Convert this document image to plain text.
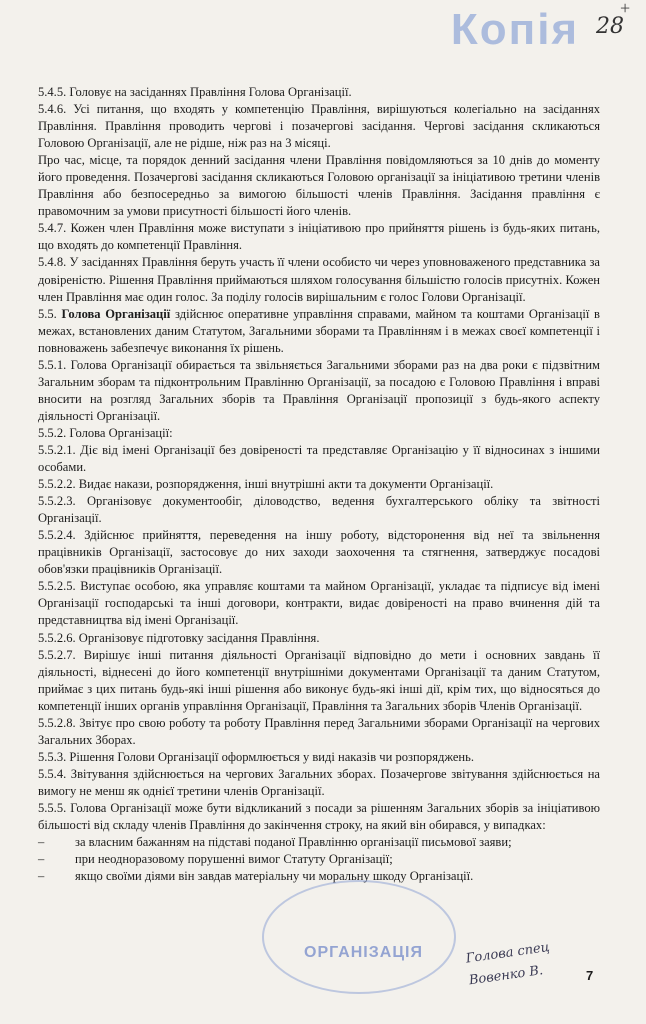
Копія 28
+

5.4.5. Головує на засіданнях Правління Голова Організації.

5.4.6. Усі питання, що входять у компетенцію Правління, вирішуються колегіально на засіданнях Правління. Правління проводить чергові і позачергові засідання. Чергові засідання скликаються Головою Організації, але не рідше, ніж раз на 3 місяці.

Про час, місце, та порядок денний засідання члени Правління повідомляються за 10 днів до моменту його проведення. Позачергові засідання скликаються Головою організації за ініціативою третини членів Правління або безпосередньо за вимогою більшості членів Правління. Засідання правління є правомочним за умови присутності більшості його членів.

5.4.7. Кожен член Правління може виступати з ініціативою про прийняття рішень із будь-яких питань, що входять до компетенції Правління.

5.4.8. У засіданнях Правління беруть участь її члени особисто чи через уповноваженого представника за довіреністю. Рішення Правління приймаються шляхом голосування більшістю голосів присутніх. Кожен член Правління має один голос. За поділу голосів вирішальним є голос Голови Організації.

5.5. Голова Організації здійснює оперативне управління справами, майном та коштами Організації в межах, встановлених даним Статутом, Загальними зборами та Правлінням і в межах своєї компетенції і повноважень забезпечує виконання їх рішень.

5.5.1. Голова Організації обирається та звільняється Загальними зборами раз на два роки є підзвітним Загальним зборам та підконтрольним Правлінню Організації, за посадою є Головою Правління і вправі вносити на розгляд Загальних зборів та Правління Організації пропозиції з будь-якого аспекту діяльності Організації.

5.5.2. Голова Організації:

5.5.2.1. Діє від імені Організації без довіреності та представляє Організацію у її відносинах з іншими особами.

5.5.2.2. Видає накази, розпорядження, інші внутрішні акти та документи Організації.

5.5.2.3. Організовує документообіг, діловодство, ведення бухгалтерського обліку та звітності Організації.

5.5.2.4. Здійснює прийняття, переведення на іншу роботу, відсторонення від неї та звільнення працівників Організації, застосовує до них заходи заохочення та стягнення, затверджує посадові обов'язки працівників Організації.

5.5.2.5. Виступає особою, яка управляє коштами та майном Організації, укладає та підписує від імені Організації господарські та інші договори, контракти, видає довіреності на право вчинення дій та представництва від імені Організації.

5.5.2.6. Організовує підготовку засідання Правління.

5.5.2.7. Вирішує інші питання діяльності Організації відповідно до мети і основних завдань її діяльності, віднесені до його компетенції внутрішніми документами Організації та даним Статутом, приймає з цих питань будь-які інші рішення або виконує будь-які інші дії, крім тих, що відносяться до компетенції інших органів управління Організації, Правління та Загальних зборів Членів Організації.

5.5.2.8. Звітує про свою роботу та роботу Правління перед Загальними зборами Організації на чергових Загальних Зборах.

5.5.3. Рішення Голови Організації оформлюється у виді наказів чи розпоряджень.

5.5.4. Звітування здійснюється на чергових Загальних зборах. Позачергове звітування здійснюється на вимогу не менш як однієї третини членів Організації.

5.5.5. Голова Організації може бути відкликаний з посади за рішенням Загальних зборів за ініціативою більшості від складу членів Правління до закінчення строку, на який він обирався, у випадках:

–	за власним бажанням на підставі поданої Правлінню організації письмової заяви;
–	при неодноразовому порушенні вимог Статуту Організації;
–	якщо своїми діями він завдав матеріальну чи моральну шкоду Організації.
ОРГАНІЗАЦІЯ	Голова спец
Вовенко В.	7
